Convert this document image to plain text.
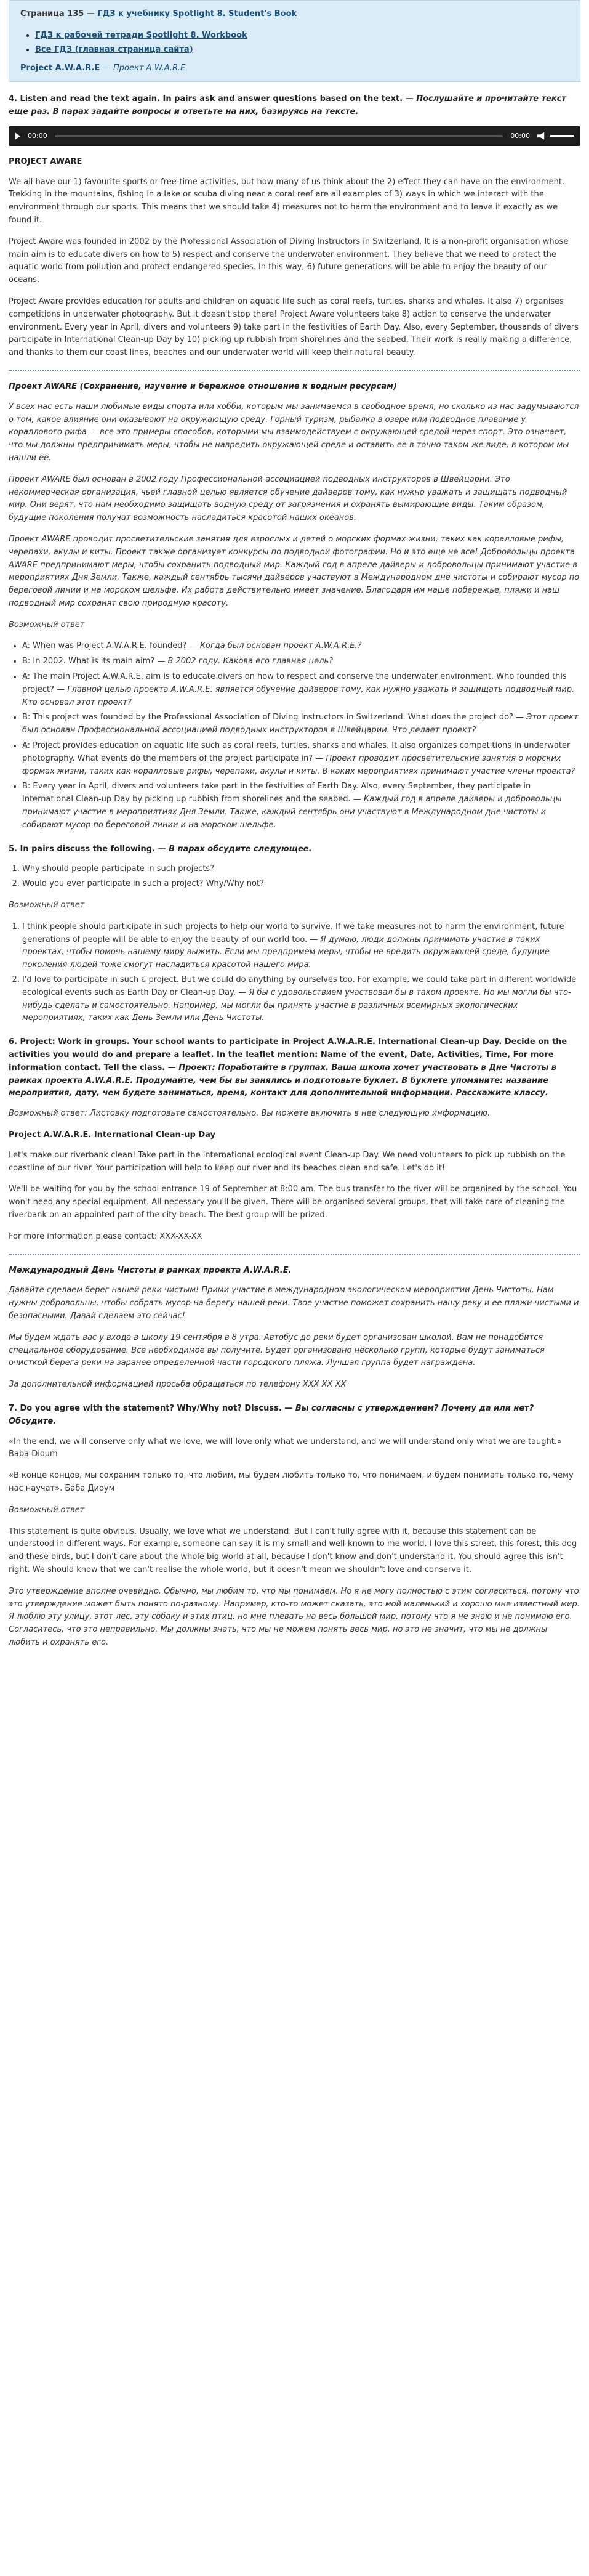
Страница 135 — ГДЗ к учебнику Spotlight 8. Student's Book
• ГДЗ к рабочей тетради Spotlight 8. Workbook
• Все ГДЗ (главная страница сайта)
Project A.W.A.R.E — Проект A.W.A.R.E
4. Listen and read the text again. In pairs ask and answer questions based on the text. — Послушайте и прочитайте текст еще раз. В парах задайте вопросы и ответьте на них, базируясь на тексте.
00:00	00:00
PROJECT AWARE

We all have our 1) favourite sports or free-time activities, but how many of us think about the 2) effect they can have on the environment. Trekking in the mountains, fishing in a lake or scuba diving near a coral reef are all examples of 3) ways in which we interact with the environment through our sports. This means that we should take 4) measures not to harm the environment and to leave it exactly as we found it.

Project Aware was founded in 2002 by the Professional Association of Diving Instructors in Switzerland. It is a non-profit organisation whose main aim is to educate divers on how to 5) respect and conserve the underwater environment. They believe that we need to protect the aquatic world from pollution and protect endangered species. In this way, 6) future generations will be able to enjoy the beauty of our oceans.

Project Aware provides education for adults and children on aquatic life such as coral reefs, turtles, sharks and whales. It also 7) organises competitions in underwater photography. But it doesn't stop there! Project Aware volunteers take 8) action to conserve the underwater environment. Every year in April, divers and volunteers 9) take part in the festivities of Earth Day. Also, every September, thousands of divers participate in International Clean-up Day by 10) picking up rubbish from shorelines and the seabed. Their work is really making a difference, and thanks to them our coast lines, beaches and our underwater world will keep their natural beauty.

Проект AWARE (Сохранение, изучение и бережное отношение к водным ресурсам)

У всех нас есть наши любимые виды спорта или хобби, которым мы занимаемся в свободное время, но сколько из нас задумываются о том, какое влияние они оказывают на окружающую среду. Горный туризм, рыбалка в озере или подводное плавание у кораллового рифа — все это примеры способов, которыми мы взаимодействуем с окружающей средой через спорт. Это означает, что мы должны предпринимать меры, чтобы не навредить окружающей среде и оставить ее в точно таком же виде, в котором мы нашли ее.

Проект AWARE был основан в 2002 году Профессиональной ассоциацией подводных инструкторов в Швейцарии. Это некоммерческая организация, чьей главной целью является обучение дайверов тому, как нужно уважать и защищать подводный мир. Они верят, что нам необходимо защищать водную среду от загрязнения и охранять вымирающие виды. Таким образом, будущие поколения получат возможность насладиться красотой наших океанов.

Проект AWARE проводит просветительские занятия для взрослых и детей о морских формах жизни, таких как коралловые рифы, черепахи, акулы и киты. Проект также организует конкурсы по подводной фотографии. Но и это еще не все! Добровольцы проекта AWARE предпринимают меры, чтобы сохранить подводный мир. Каждый год в апреле дайверы и добровольцы принимают участие в мероприятиях Дня Земли. Также, каждый сентябрь тысячи дайверов участвуют в Международном дне чистоты и собирают мусор по береговой линии и на морском шельфе. Их работа действительно имеет значение. Благодаря им наше побережье, пляжи и наш подводный мир сохранят свою природную красоту.

Возможный ответ

• A: When was Project A.W.A.R.E. founded? — Когда был основан проект A.W.A.R.E.?
• B: In 2002. What is its main aim? — В 2002 году. Какова его главная цель?
• A: The main Project A.W.A.R.E. aim is to educate divers on how to respect and conserve the underwater environment. Who founded this project? — Главной целью проекта A.W.A.R.E. является обучение дайверов тому, как нужно уважать и защищать подводный мир. Кто основал этот проект?
• B: This project was founded by the Professional Association of Diving Instructors in Switzerland. What does the project do? — Этот проект был основан Профессиональной ассоциацией подводных инструкторов в Швейцарии. Что делает проект?
• A: Project provides education on aquatic life such as coral reefs, turtles, sharks and whales. It also organizes competitions in underwater photography. What events do the members of the project participate in? — Проект проводит просветительские занятия о морских формах жизни, таких как коралловые рифы, черепахи, акулы и киты. В каких мероприятиях принимают участие члены проекта?
• B: Every year in April, divers and volunteers take part in the festivities of Earth Day. Also, every September, they participate in International Clean-up Day by picking up rubbish from shorelines and the seabed. — Каждый год в апреле дайверы и добровольцы принимают участие в мероприятиях Дня Земли. Также, каждый сентябрь они участвуют в Международном дне чистоты и собирают мусор по береговой линии и на морском шельфе.
5. In pairs discuss the following. — В парах обсудите следующее.
1. Why should people participate in such projects?
2. Would you ever participate in such a project? Why/Why not?

Возможный ответ

1. I think people should participate in such projects to help our world to survive. If we take measures not to harm the environment, future generations of people will be able to enjoy the beauty of our world too. — Я думаю, люди должны принимать участие в таких проектах, чтобы помочь нашему миру выжить. Если мы предпримем меры, чтобы не вредить окружающей среде, будущие поколения людей тоже смогут насладиться красотой нашего мира.
2. I'd love to participate in such a project. But we could do anything by ourselves too. For example, we could take part in different worldwide ecological events such as Earth Day or Clean-up Day. — Я бы с удовольствием участвовал бы в таком проекте. Но мы могли бы что-нибудь сделать и самостоятельно. Например, мы могли бы принять участие в различных всемирных экологических мероприятиях, таких как День Земли или День Чистоты.
6. Project: Work in groups. Your school wants to participate in Project A.W.A.R.E. International Clean-up Day. Decide on the activities you would do and prepare a leaflet. In the leaflet mention: Name of the event, Date, Activities, Time, For more information contact. Tell the class. — Проект: Поработайте в группах. Ваша школа хочет участвовать в Дне Чистоты в рамках проекта A.W.A.R.E. Продумайте, чем бы вы занялись и подготовьте буклет. В буклете упомяните: название мероприятия, дату, чем будете заниматься, время, контакт для дополнительной информации. Расскажите классу.

Возможный ответ: Листовку подготовьте самостоятельно. Вы можете включить в нее следующую информацию.

Project A.W.A.R.E. International Clean-up Day

Let's make our riverbank clean! Take part in the international ecological event Clean-up Day. We need volunteers to pick up rubbish on the coastline of our river. Your participation will help to keep our river and its beaches clean and safe. Let's do it!

We'll be waiting for you by the school entrance 19 of September at 8:00 am. The bus transfer to the river will be organised by the school. You won't need any special equipment. All necessary you'll be given. There will be organised several groups, that will take care of cleaning the riverbank on an appointed part of the city beach. The best group will be prized.

For more information please contact: XXX-XX-XX

Международный День Чистоты в рамках проекта A.W.A.R.E.

Давайте сделаем берег нашей реки чистым! Прими участие в международном экологическом мероприятии День Чистоты. Нам нужны добровольцы, чтобы собрать мусор на берегу нашей реки. Твое участие поможет сохранить нашу реку и ее пляжи чистыми и безопасными. Давай сделаем это сейчас!

Мы будем ждать вас у входа в школу 19 сентября в 8 утра. Автобус до реки будет организован школой. Вам не понадобится специальное оборудование. Все необходимое вы получите. Будет организовано несколько групп, которые будут заниматься очисткой берега реки на заранее определенной части городского пляжа. Лучшая группа будет награждена.

За дополнительной информацией просьба обращаться по телефону XXX XX XX

7. Do you agree with the statement? Why/Why not? Discuss. — Вы согласны с утверждением? Почему да или нет? Обсудите.

«In the end, we will conserve only what we love, we will love only what we understand, and we will understand only what we are taught.» Baba Dioum

«В конце концов, мы сохраним только то, что любим, мы будем любить только то, что понимаем, и будем понимать только то, чему нас научат». Баба Диоум

Возможный ответ

This statement is quite obvious. Usually, we love what we understand. But I can't fully agree with it, because this statement can be understood in different ways. For example, someone can say it is my small and well-known to me world. I love this street, this forest, this dog and these birds, but I don't care about the whole big world at all, because I don't know and don't understand it. You should agree this isn't right. We should know that we can't realise the whole world, but it doesn't mean we shouldn't love and conserve it.

Это утверждение вполне очевидно. Обычно, мы любим то, что мы понимаем. Но я не могу полностью с этим согласиться, потому что это утверждение может быть понято по-разному. Например, кто-то может сказать, это мой маленький и хорошо мне известный мир. Я люблю эту улицу, этот лес, эту собаку и этих птиц, но мне плевать на весь большой мир, потому что я не знаю и не понимаю его. Согласитесь, что это неправильно. Мы должны знать, что мы не можем понять весь мир, но это не значит, что мы не должны любить и охранять его.
